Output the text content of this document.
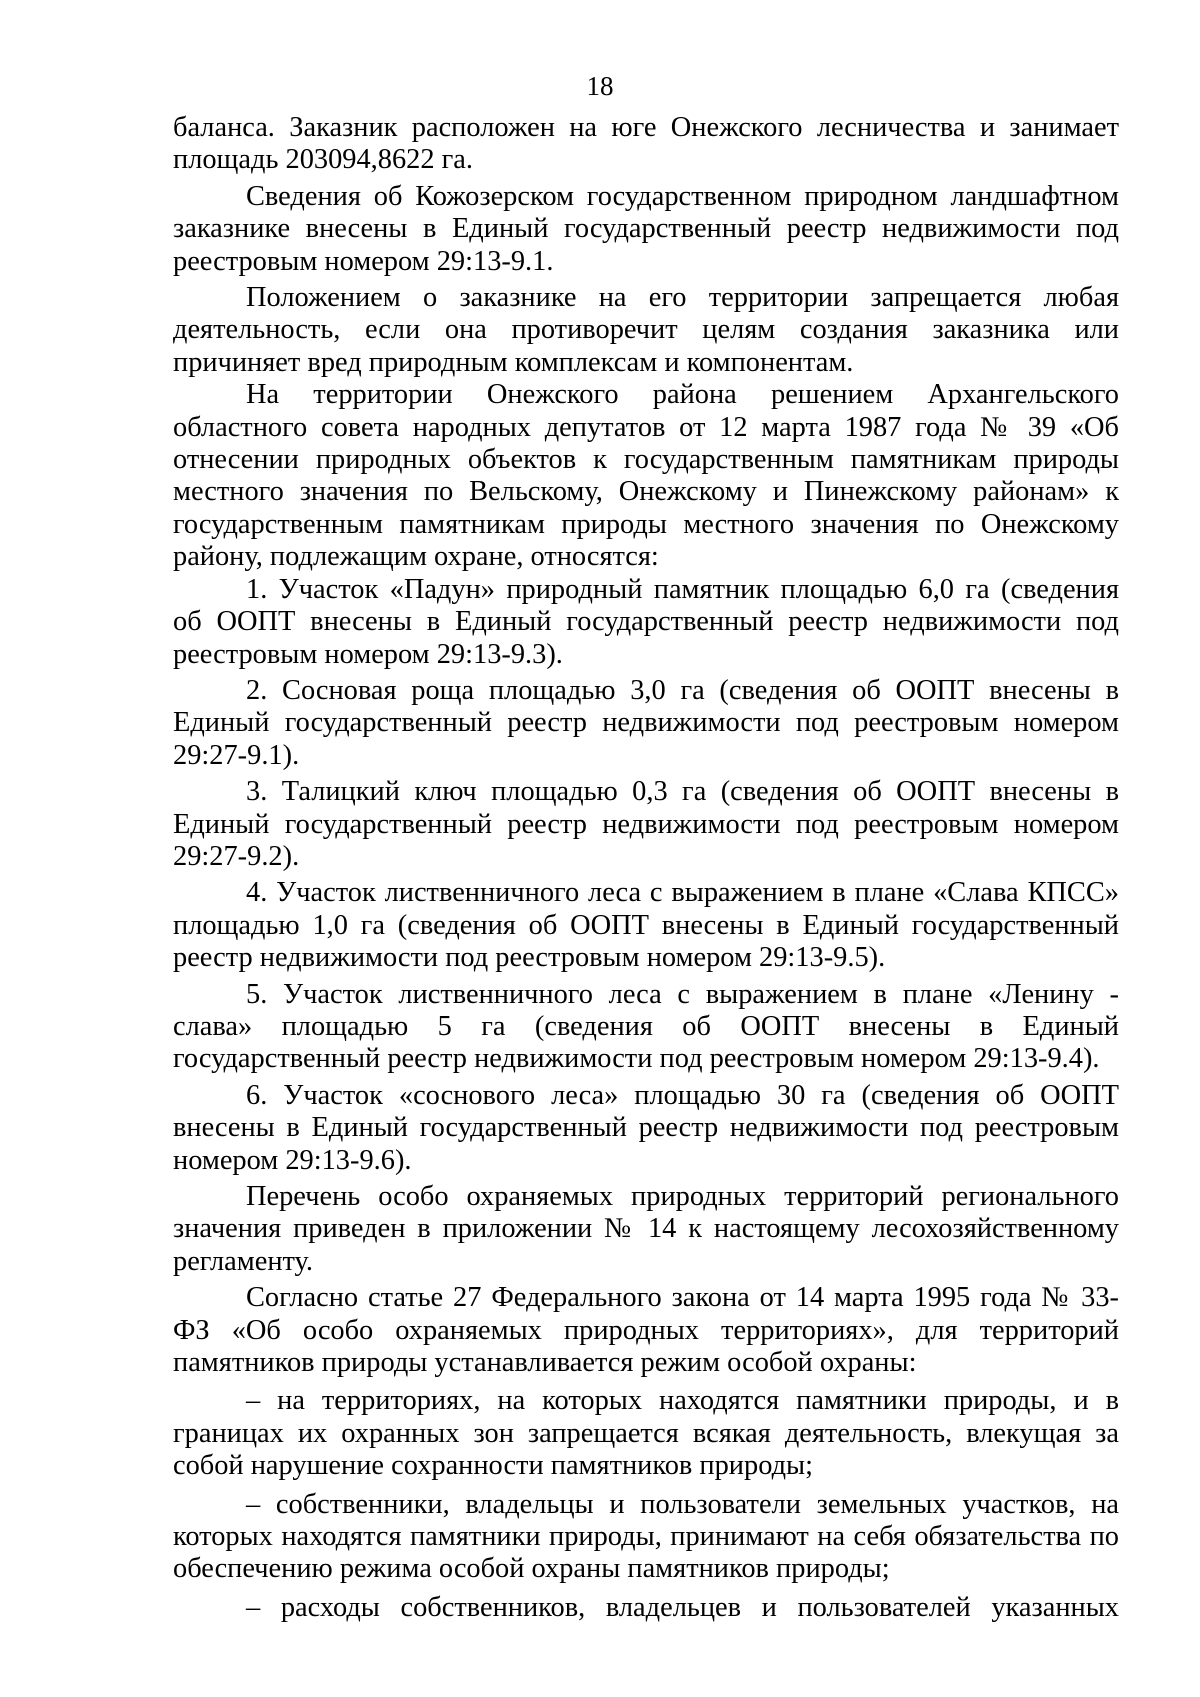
18

баланса. Заказник расположен на юге Онежского лесничества и занимает площадь 203094,8622 га.

Сведения об Кожозерском государственном природном ландшафтном заказнике внесены в Единый государственный реестр недвижимости под реестровым номером 29:13-9.1.

Положением о заказнике на его территории запрещается любая деятельность, если она противоречит целям создания заказника или причиняет вред природным комплексам и компонентам.

На территории Онежского района решением Архангельского областного совета народных депутатов от 12 марта 1987 года № 39 «Об отнесении природных объектов к государственным памятникам природы местного значения по Вельскому, Онежскому и Пинежскому районам» к государственным памятникам природы местного значения по Онежскому району, подлежащим охране, относятся:

1. Участок «Падун» природный памятник площадью 6,0 га (сведения об ООПТ внесены в Единый государственный реестр недвижимости под реестровым номером 29:13-9.3).

2. Сосновая роща площадью 3,0 га (сведения об ООПТ внесены в Единый государственный реестр недвижимости под реестровым номером 29:27-9.1).

3. Талицкий ключ площадью 0,3 га (сведения об ООПТ внесены в Единый государственный реестр недвижимости под реестровым номером 29:27-9.2).

4. Участок лиственничного леса с выражением в плане «Слава КПСС» площадью 1,0 га (сведения об ООПТ внесены в Единый государственный реестр недвижимости под реестровым номером 29:13-9.5).

5. Участок лиственничного леса с выражением в плане «Ленину - слава» площадью 5 га (сведения об ООПТ внесены в Единый государственный реестр недвижимости под реестровым номером 29:13-9.4).

6. Участок «соснового леса» площадью 30 га (сведения об ООПТ внесены в Единый государственный реестр недвижимости под реестровым номером 29:13-9.6).

Перечень особо охраняемых природных территорий регионального значения приведен в приложении № 14 к настоящему лесохозяйственному регламенту.

Согласно статье 27 Федерального закона от 14 марта 1995 года № 33-ФЗ «Об особо охраняемых природных территориях», для территорий памятников природы устанавливается режим особой охраны:

– на территориях, на которых находятся памятники природы, и в границах их охранных зон запрещается всякая деятельность, влекущая за собой нарушение сохранности памятников природы;

– собственники, владельцы и пользователи земельных участков, на которых находятся памятники природы, принимают на себя обязательства по обеспечению режима особой охраны памятников природы;

– расходы собственников, владельцев и пользователей указанных
